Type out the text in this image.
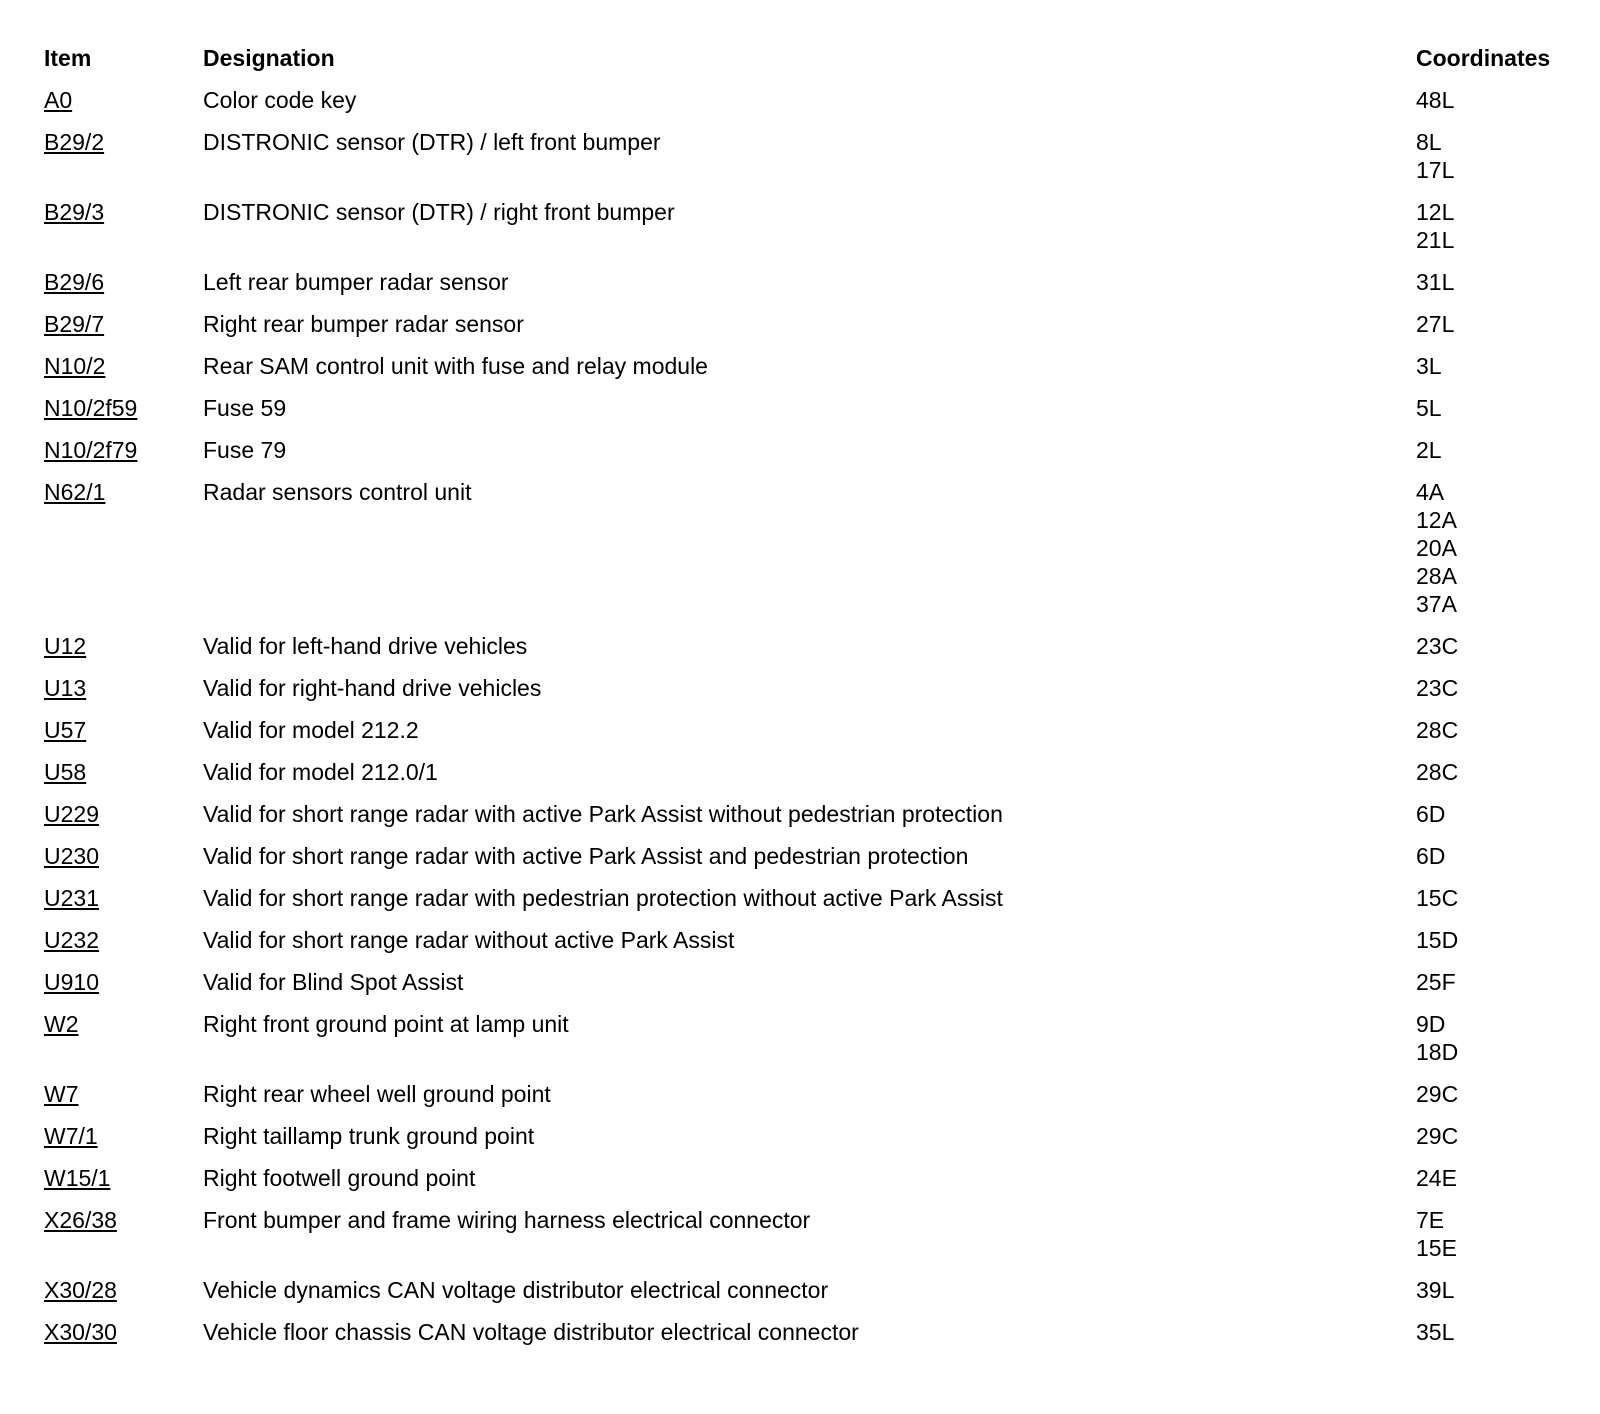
Item	Designation	Coordinates
A0	Color code key	48L
B29/2	DISTRONIC sensor (DTR) / left front bumper	8L
17L
B29/3	DISTRONIC sensor (DTR) / right front bumper	12L
21L
B29/6	Left rear bumper radar sensor	31L
B29/7	Right rear bumper radar sensor	27L
N10/2	Rear SAM control unit with fuse and relay module	3L
N10/2f59	Fuse 59	5L
N10/2f79	Fuse 79	2L
N62/1	Radar sensors control unit	4A
12A
20A
28A
37A
U12	Valid for left-hand drive vehicles	23C
U13	Valid for right-hand drive vehicles	23C
U57	Valid for model 212.2	28C
U58	Valid for model 212.0/1	28C
U229	Valid for short range radar with active Park Assist without pedestrian protection	6D
U230	Valid for short range radar with active Park Assist and pedestrian protection	6D
U231	Valid for short range radar with pedestrian protection without active Park Assist	15C
U232	Valid for short range radar without active Park Assist	15D
U910	Valid for Blind Spot Assist	25F
W2	Right front ground point at lamp unit	9D
18D
W7	Right rear wheel well ground point	29C
W7/1	Right taillamp trunk ground point	29C
W15/1	Right footwell ground point	24E
X26/38	Front bumper and frame wiring harness electrical connector	7E
15E
X30/28	Vehicle dynamics CAN voltage distributor electrical connector	39L
X30/30	Vehicle floor chassis CAN voltage distributor electrical connector	35L
